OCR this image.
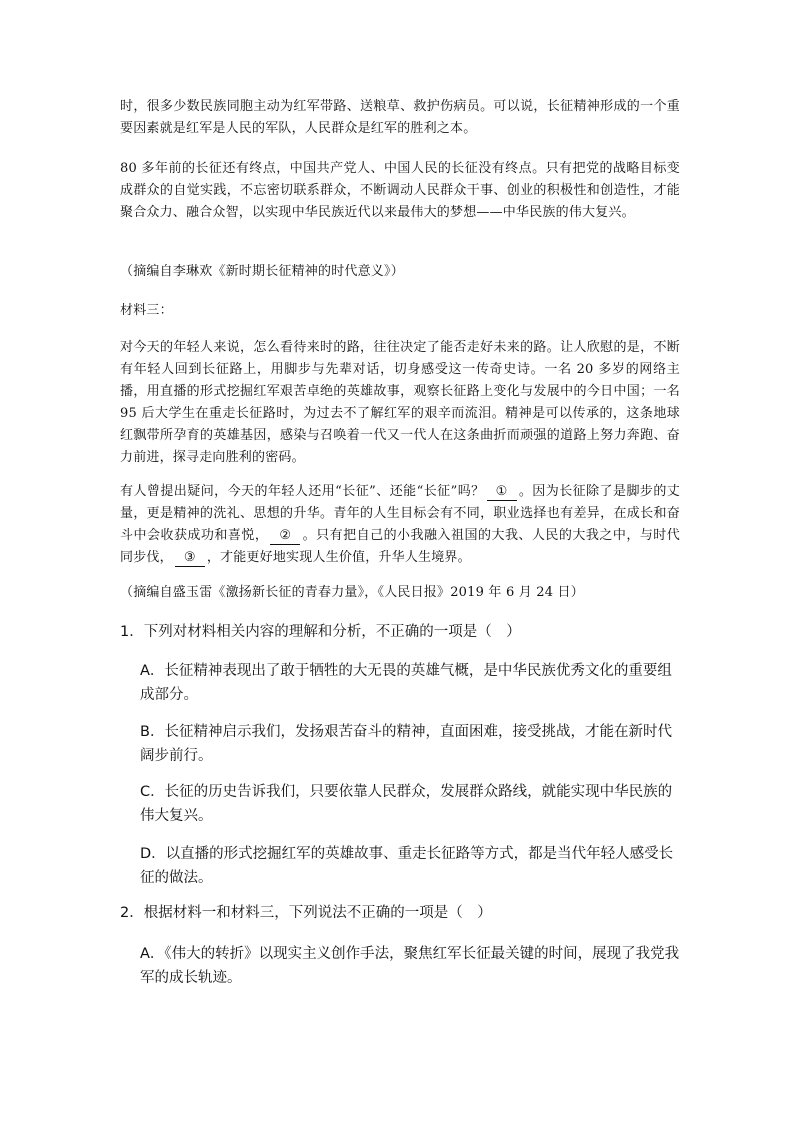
时，很多少数民族同胞主动为红军带路、送粮草、救护伤病员。可以说，长征精神形成的一个重要因素就是红军是人民的军队，人民群众是红军的胜利之本。

80 多年前的长征还有终点，中国共产党人、中国人民的长征没有终点。只有把党的战略目标变成群众的自觉实践，不忘密切联系群众，不断调动人民群众干事、创业的积极性和创造性，才能聚合众力、融合众智，以实现中华民族近代以来最伟大的梦想——中华民族的伟大复兴。

（摘编自李琳欢《新时期长征精神的时代意义》）

材料三：

对今天的年轻人来说，怎么看待来时的路，往往决定了能否走好未来的路。让人欣慰的是，不断有年轻人回到长征路上，用脚步与先辈对话，切身感受这一传奇史诗。一名 20 多岁的网络主播，用直播的形式挖掘红军艰苦卓绝的英雄故事，观察长征路上变化与发展中的今日中国；一名 95 后大学生在重走长征路时，为过去不了解红军的艰辛而流泪。精神是可以传承的，这条地球红飘带所孕育的英雄基因，感染与召唤着一代又一代人在这条曲折而顽强的道路上努力奔跑、奋力前进，探寻走向胜利的密码。

有人曾提出疑问，今天的年轻人还用“长征”、还能“长征”吗？ ① 。因为长征除了是脚步的丈量，更是精神的洗礼、思想的升华。青年的人生目标会有不同，职业选择也有差异，在成长和奋斗中会收获成功和喜悦， ② 。只有把自己的小我融入祖国的大我、人民的大我之中，与时代同步伐， ③ ，才能更好地实现人生价值，升华人生境界。

（摘编自盛玉雷《激扬新长征的青春力量》，《人民日报》2019 年 6 月 24 日）

1．下列对材料相关内容的理解和分析，不正确的一项是（　）

A．长征精神表现出了敢于牺牲的大无畏的英雄气概，是中华民族优秀文化的重要组成部分。

B．长征精神启示我们，发扬艰苦奋斗的精神，直面困难，接受挑战，才能在新时代阔步前行。

C．长征的历史告诉我们，只要依靠人民群众，发展群众路线，就能实现中华民族的伟大复兴。

D．以直播的形式挖掘红军的英雄故事、重走长征路等方式，都是当代年轻人感受长征的做法。

2．根据材料一和材料三，下列说法不正确的一项是（　）

A．《伟大的转折》以现实主义创作手法，聚焦红军长征最关键的时间，展现了我党我军的成长轨迹。
